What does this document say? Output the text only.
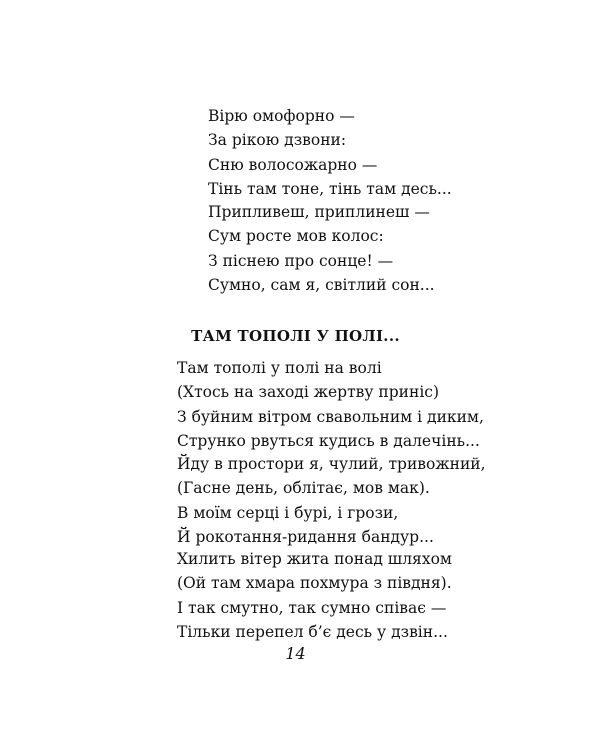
Вірю омофорно —
За рікою дзвони:
Сню волосожарно —
Тінь там тоне, тінь там десь...
Припливеш, приплинеш —
Сум росте мов колос:
З піснею про сонце! —
Сумно, сам я, світлий сон...
ТАМ ТОПОЛІ У ПОЛІ...
Там тополі у полі на волі
(Хтось на заході жертву приніс)
З буйним вітром свавольним і диким,
Струнко рвуться кудись в далечінь...
Йду в простори я, чулий, тривожний,
(Гасне день, облітає, мов мак).
В моїм серці і бурі, і грози,
Й рокотання-ридання бандур...
Хилить вітер жита понад шляхом
(Ой там хмара похмура з півдня).
І так смутно, так сумно співає —
Тільки перепел б’є десь у дзвін...
14
